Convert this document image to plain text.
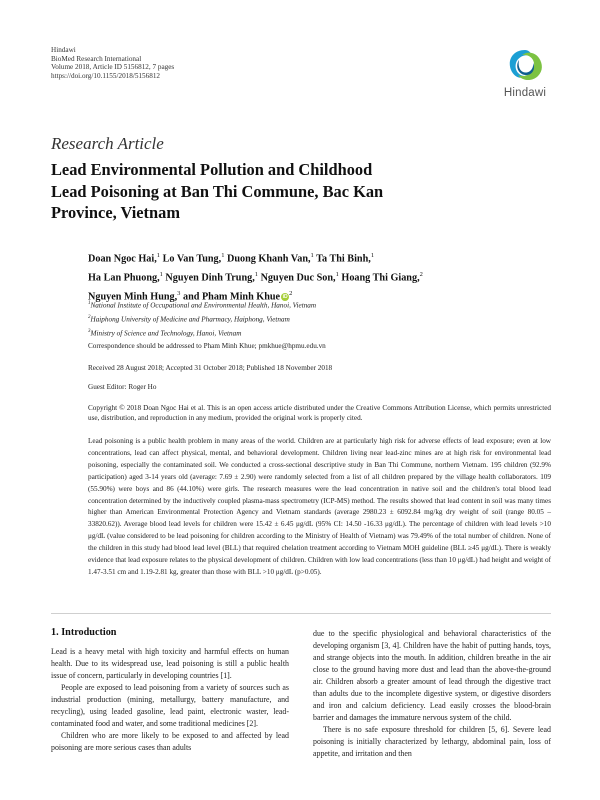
Hindawi
BioMed Research International
Volume 2018, Article ID 5156812, 7 pages
https://doi.org/10.1155/2018/5156812
Hindawi
Research Article
Lead Environmental Pollution and Childhood
Lead Poisoning at Ban Thi Commune, Bac Kan
Province, Vietnam
Doan Ngoc Hai,$^1$ Lo Van Tung,$^1$ Duong Khanh Van,$^1$ Ta Thi Binh,$^1$
Ha Lan Phuong,$^1$ Nguyen Dinh Trung,$^1$ Nguyen Duc Son,$^1$ Hoang Thi Giang,$^2$
Nguyen Minh Hung,$^3$ and Pham Minh Khue $iD^2$
$^1$National Institute of Occupational and Environmental Health, Hanoi, Vietnam
$^2$Haiphong University of Medicine and Pharmacy, Haiphong, Vietnam
$^3$Ministry of Science and Technology, Hanoi, Vietnam
Correspondence should be addressed to Pham Minh Khue; pmkhue@hpmu.edu.vn
Received 28 August 2018; Accepted 31 October 2018; Published 18 November 2018
Guest Editor: Roger Ho
Copyright © 2018 Doan Ngoc Hai et al. This is an open access article distributed under the Creative Commons Attribution License, which permits unrestricted use, distribution, and reproduction in any medium, provided the original work is properly cited.
Lead poisoning is a public health problem in many areas of the world. Children are at particularly high risk for adverse effects of lead exposure; even at low concentrations, lead can affect physical, mental, and behavioral development. Children living near lead-zinc mines are at high risk for environmental lead poisoning, especially the contaminated soil. We conducted a cross-sectional descriptive study in Ban Thi Commune, northern Vietnam. 195 children (92.9% participation) aged 3-14 years old (average: 7.69 ± 2.90) were randomly selected from a list of all children prepared by the village health collaborators. 109 (55.90%) were boys and 86 (44.10%) were girls. The research measures were the lead concentration in native soil and the children's total blood lead concentration determined by the inductively coupled plasma-mass spectrometry (ICP-MS) method. The results showed that lead content in soil was many times higher than American Environmental Protection Agency and Vietnam standards (average 2980.23 ± 6092.84 mg/kg dry weight of soil (range 80.05 – 33820.62)). Average blood lead levels for children were 15.42 ± 6.45 μg/dL (95% CI: 14.50 -16.33 μg/dL). The percentage of children with lead levels >10 μg/dL (value considered to be lead poisoning for children according to the Ministry of Health of Vietnam) was 79.49% of the total number of children. None of the children in this study had blood lead level (BLL) that required chelation treatment according to Vietnam MOH guideline (BLL ≥45 μg/dL). There is weakly evidence that lead exposure relates to the physical development of children. Children with low lead concentrations (less than 10 μg/dL) had height and weight of 1.47-3.51 cm and 1.19-2.81 kg, greater than those with BLL >10 μg/dL (p>0.05).
1. Introduction

Lead is a heavy metal with high toxicity and harmful effects on human health. Due to its widespread use, lead poisoning is still a public health issue of concern, particularly in developing countries [1].

People are exposed to lead poisoning from a variety of sources such as industrial production (mining, metallurgy, battery manufacture, and recycling), using leaded gasoline, lead paint, electronic waster, lead-contaminated food and water, and some traditional medicines [2].

Children who are more likely to be exposed to and affected by lead poisoning are more serious cases than adults

due to the specific physiological and behavioral characteristics of the developing organism [3, 4]. Children have the habit of putting hands, toys, and strange objects into the mouth. In addition, children breathe in the air close to the ground having more dust and lead than the above-the-ground air. Children absorb a greater amount of lead through the digestive tract than adults due to the incomplete digestive system, or digestive disorders and iron and calcium deficiency. Lead easily crosses the blood-brain barrier and damages the immature nervous system of the child.

There is no safe exposure threshold for children [5, 6]. Severe lead poisoning is initially characterized by lethargy, abdominal pain, loss of appetite, and irritation and then
